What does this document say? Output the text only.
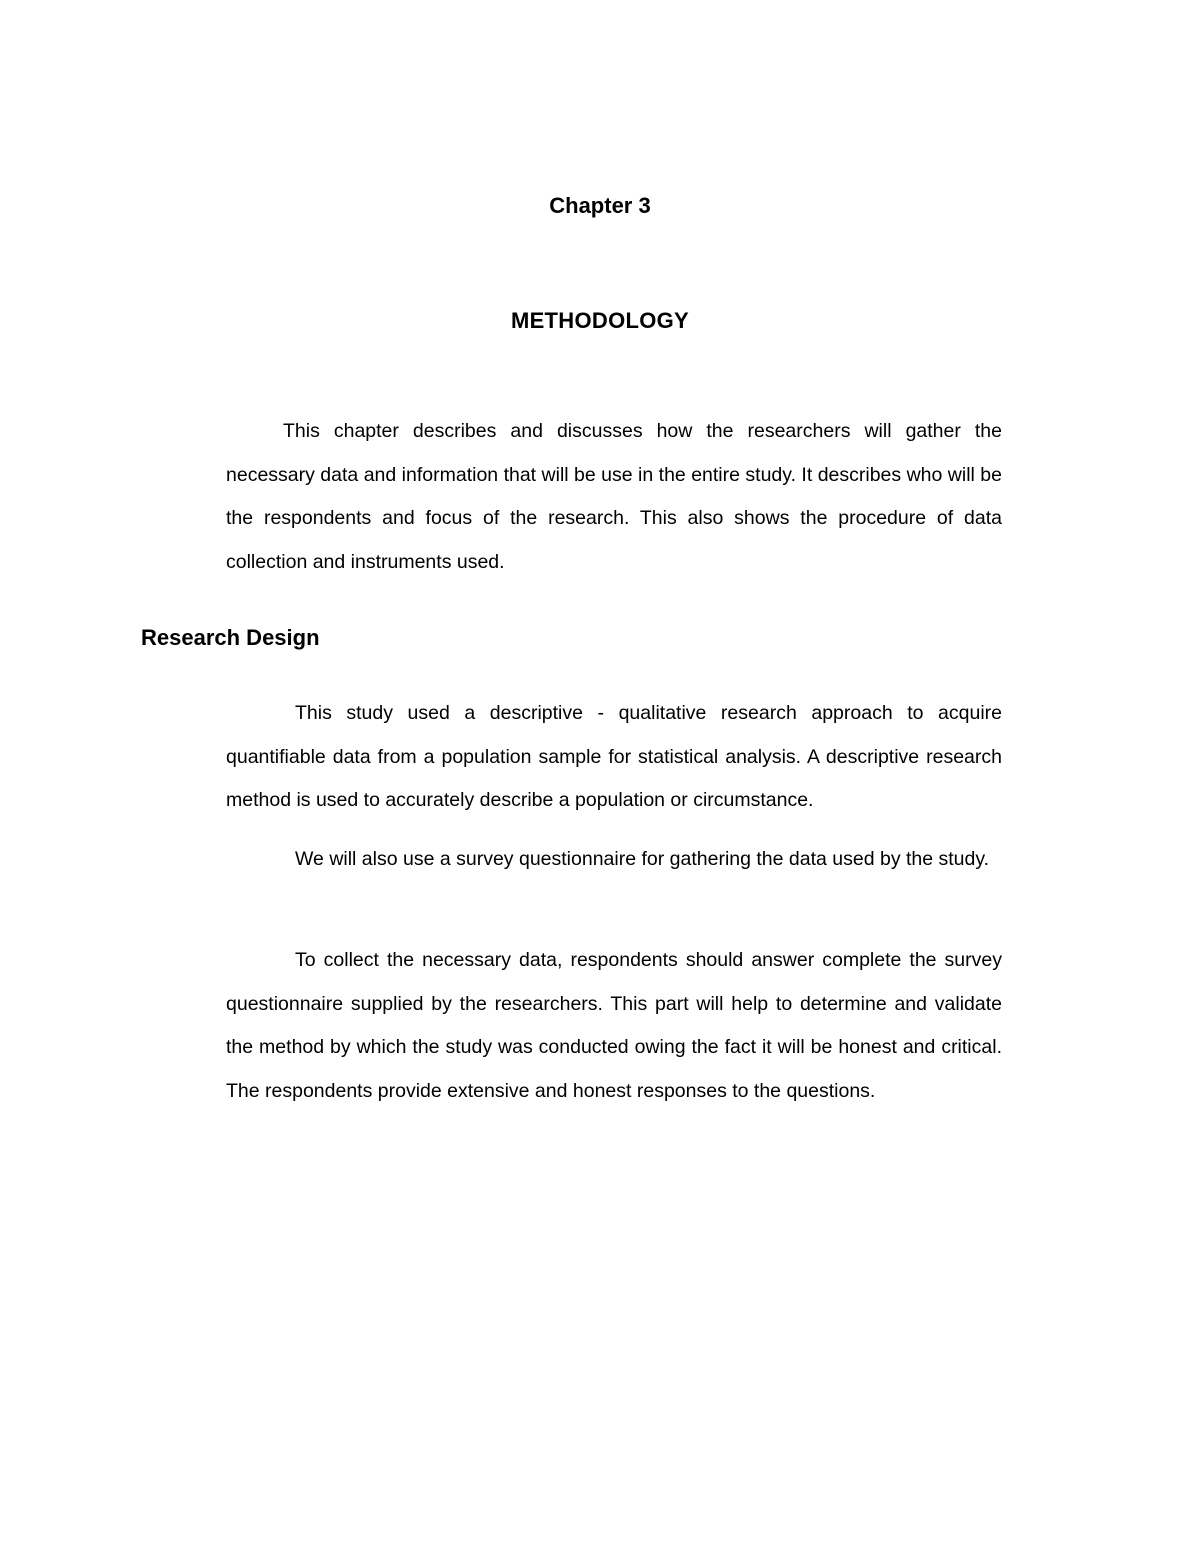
Chapter 3
METHODOLOGY

This chapter describes and discusses how the researchers will gather the necessary data and information that will be use in the entire study. It describes who will be the respondents and focus of the research. This also shows the procedure of data collection and instruments used.

Research Design

This study used a descriptive - qualitative research approach to acquire quantifiable data from a population sample for statistical analysis. A descriptive research method is used to accurately describe a population or circumstance.

We will also use a survey questionnaire for gathering the data used by the study.

To collect the necessary data, respondents should answer complete the survey questionnaire supplied by the researchers. This part will help to determine and validate the method by which the study was conducted owing the fact it will be honest and critical. The respondents provide extensive and honest responses to the questions.
